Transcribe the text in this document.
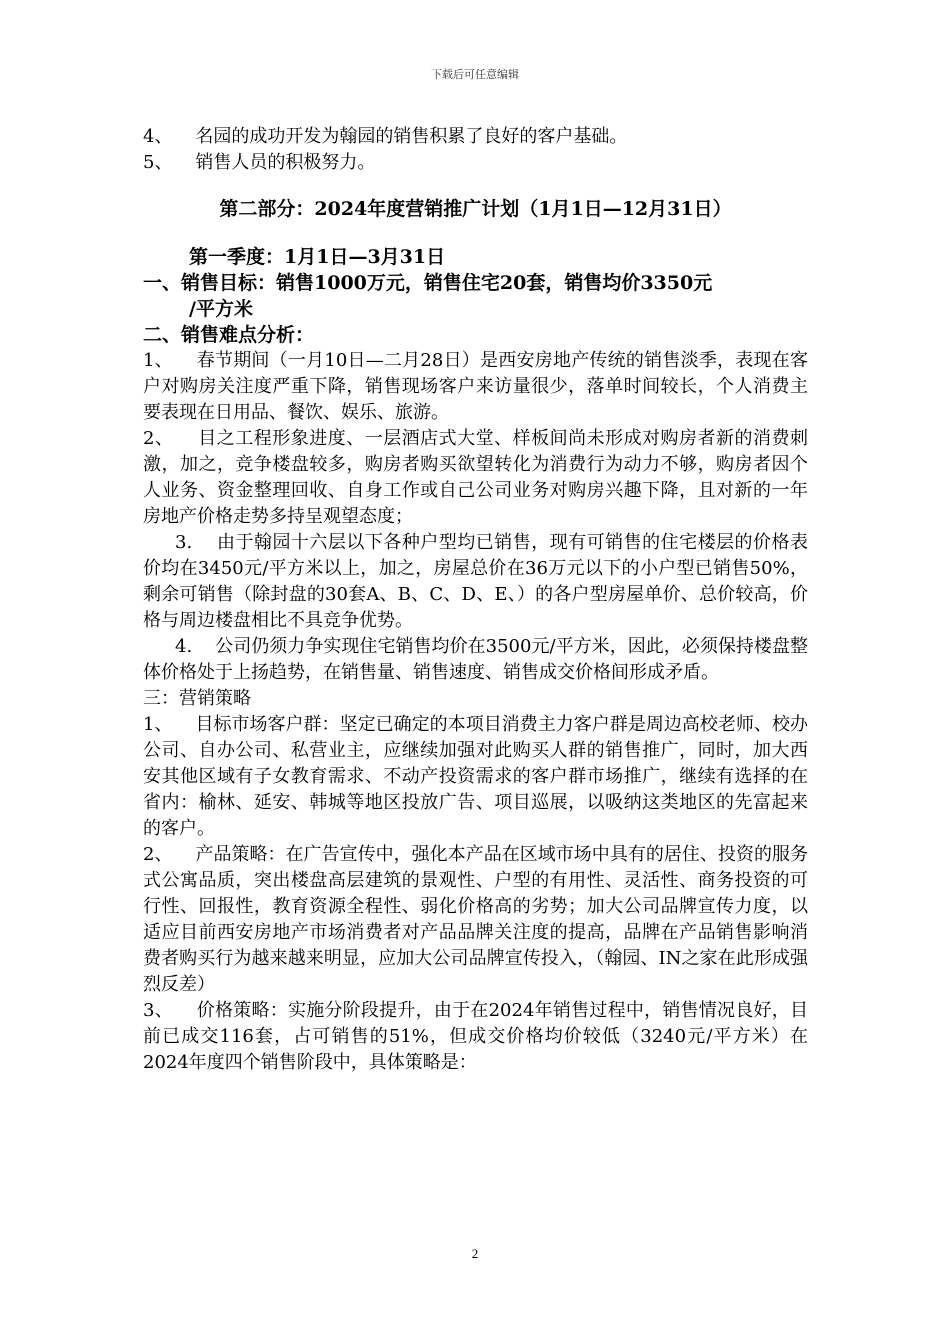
下载后可任意编辑

4、    名园的成功开发为翰园的销售积累了良好的客户基础。

5、    销售人员的积极努力。

第二部分：2024年度营销推广计划（1月1日—12月31日）

第一季度：1月1日—3月31日

一、销售目标：销售1000万元，销售住宅20套，销售均价3350元

/平方米

二、销售难点分析：

1、    春节期间（一月10日—二月28日）是西安房地产传统的销售淡季，表现在客户对购房关注度严重下降，销售现场客户来访量很少，落单时间较长，个人消费主要表现在日用品、餐饮、娱乐、旅游。

2、    目之工程形象进度、一层酒店式大堂、样板间尚未形成对购房者新的消费刺激，加之，竞争楼盘较多，购房者购买欲望转化为消费行为动力不够，购房者因个人业务、资金整理回收、自身工作或自己公司业务对购房兴趣下降，且对新的一年房地产价格走势多持呈观望态度；

3.    由于翰园十六层以下各种户型均已销售，现有可销售的住宅楼层的价格表价均在3450元/平方米以上，加之，房屋总价在36万元以下的小户型已销售50%，剩余可销售（除封盘的30套A、B、C、D、E、）的各户型房屋单价、总价较高，价格与周边楼盘相比不具竞争优势。

4.    公司仍须力争实现住宅销售均价在3500元/平方米，因此，必须保持楼盘整体价格处于上扬趋势，在销售量、销售速度、销售成交价格间形成矛盾。

三：营销策略

1、    目标市场客户群：坚定已确定的本项目消费主力客户群是周边高校老师、校办公司、自办公司、私营业主，应继续加强对此购买人群的销售推广，同时，加大西安其他区域有子女教育需求、不动产投资需求的客户群市场推广，继续有选择的在省内：榆林、延安、韩城等地区投放广告、项目巡展，以吸纳这类地区的先富起来的客户。

2、    产品策略：在广告宣传中，强化本产品在区域市场中具有的居住、投资的服务式公寓品质，突出楼盘高层建筑的景观性、户型的有用性、灵活性、商务投资的可行性、回报性，教育资源全程性、弱化价格高的劣势；加大公司品牌宣传力度，以适应目前西安房地产市场消费者对产品品牌关注度的提高，品牌在产品销售影响消费者购买行为越来越来明显，应加大公司品牌宣传投入，（翰园、IN之家在此形成强烈反差）

3、    价格策略：实施分阶段提升，由于在2024年销售过程中，销售情况良好，目前已成交116套，占可销售的51%，但成交价格均价较低（3240元/平方米）在2024年度四个销售阶段中，具体策略是：

2
